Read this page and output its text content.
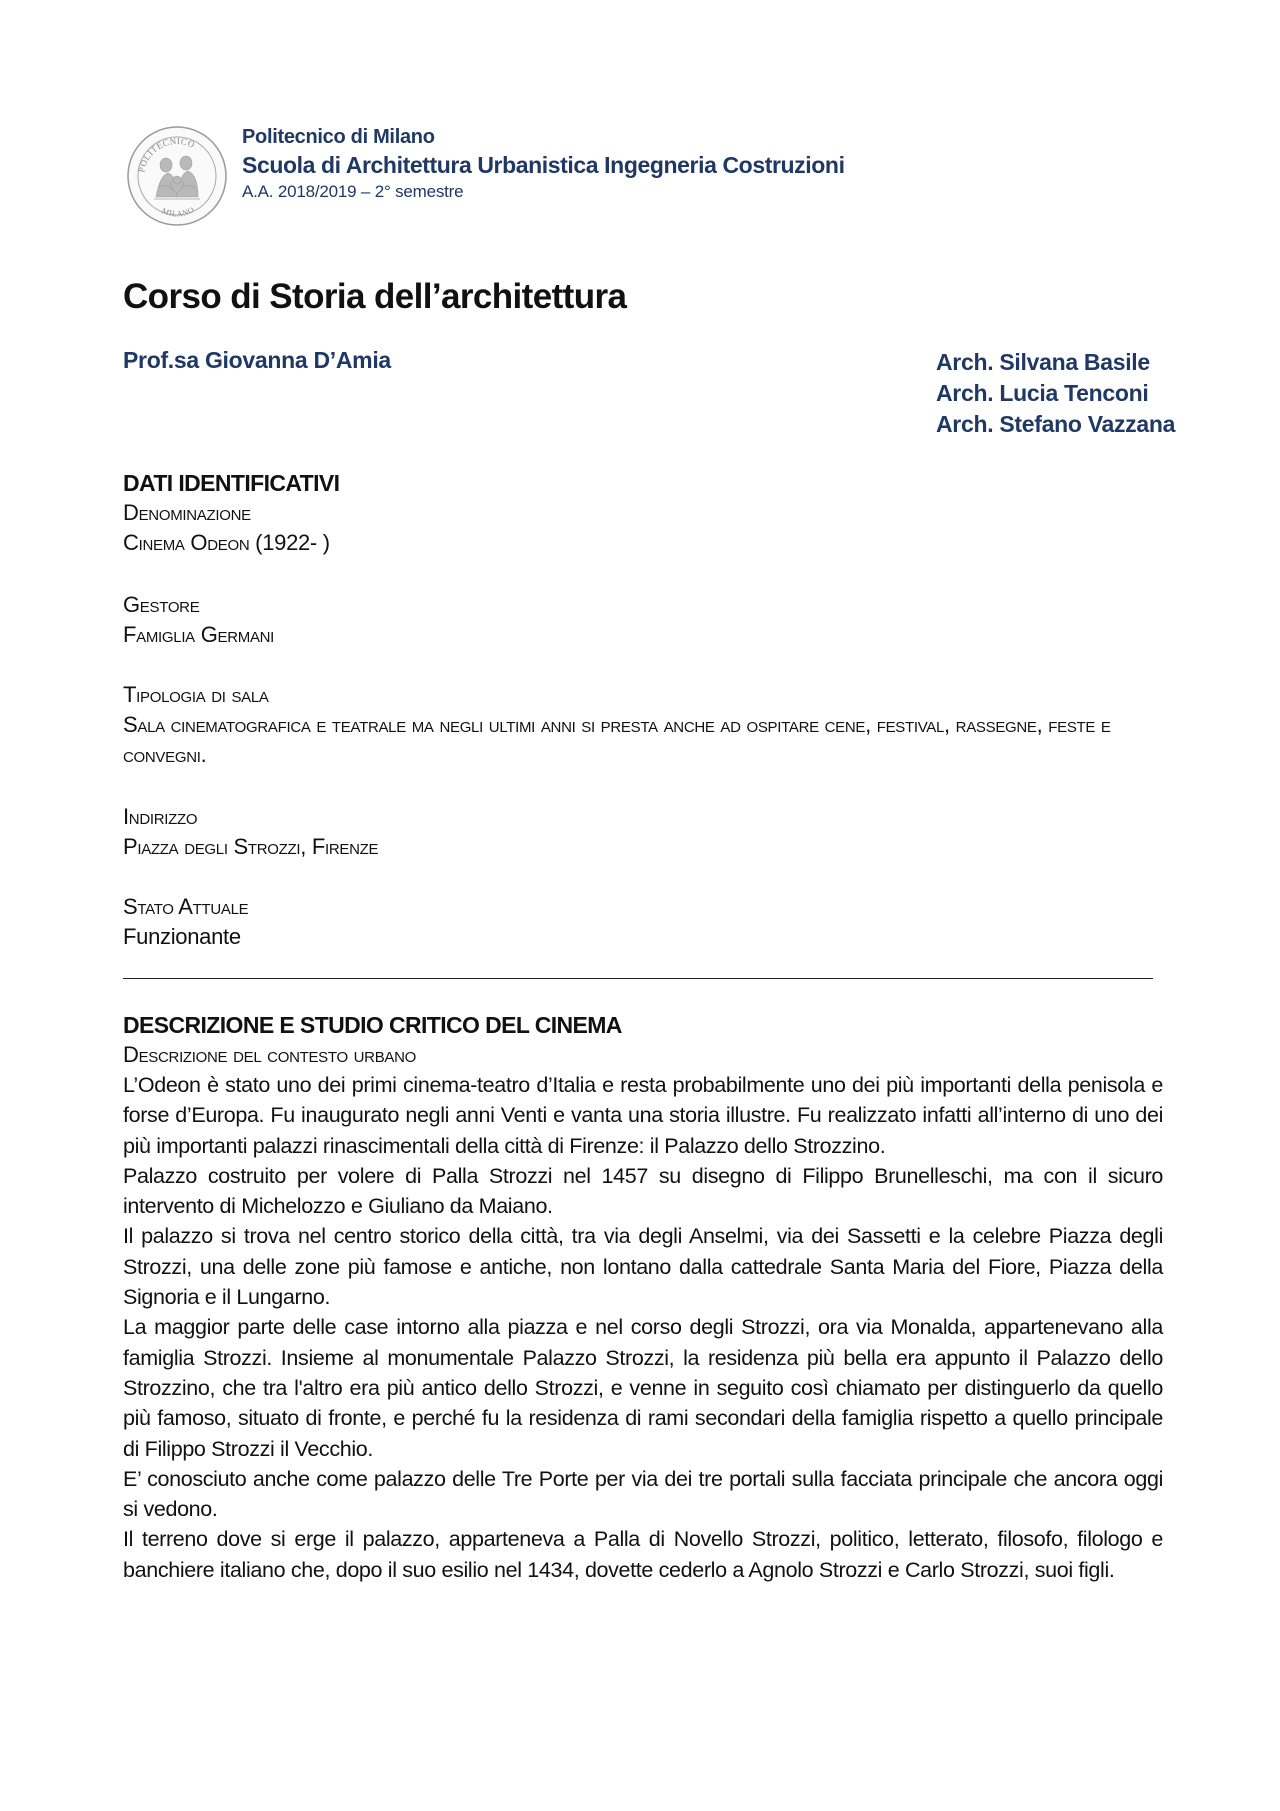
POLITECNICO
MILANO
Politecnico di Milano
Scuola di Architettura Urbanistica Ingegneria Costruzioni
A.A. 2018/2019 – 2° semestre
Corso di Storia dell’architettura
Prof.sa Giovanna D’Amia	Arch. Silvana Basile
Arch. Lucia Tenconi
Arch. Stefano Vazzana
DATI IDENTIFICATIVI
Denominazione
Cinema Odeon (1922- )
Gestore
Famiglia Germani
Tipologia di sala
Sala cinematografica e teatrale ma negli ultimi anni si presta anche ad ospitare cene, festival, rassegne, feste e convegni.
Indirizzo
Piazza degli Strozzi, Firenze
Stato Attuale
Funzionante
DESCRIZIONE E STUDIO CRITICO DEL CINEMA
Descrizione del contesto urbano

L’Odeon è stato uno dei primi cinema-teatro d’Italia e resta probabilmente uno dei più importanti della penisola e forse d’Europa. Fu inaugurato negli anni Venti e vanta una storia illustre. Fu realizzato infatti all’interno di uno dei più importanti palazzi rinascimentali della città di Firenze: il Palazzo dello Strozzino.

Palazzo costruito per volere di Palla Strozzi nel 1457 su disegno di Filippo Brunelleschi, ma con il sicuro intervento di Michelozzo e Giuliano da Maiano.

Il palazzo si trova nel centro storico della città, tra via degli Anselmi, via dei Sassetti e la celebre Piazza degli Strozzi, una delle zone più famose e antiche, non lontano dalla cattedrale Santa Maria del Fiore, Piazza della Signoria e il Lungarno.

La maggior parte delle case intorno alla piazza e nel corso degli Strozzi, ora via Monalda, appartenevano alla famiglia Strozzi. Insieme al monumentale Palazzo Strozzi, la residenza più bella era appunto il Palazzo dello Strozzino, che tra l'altro era più antico dello Strozzi, e venne in seguito così chiamato per distinguerlo da quello più famoso, situato di fronte, e perché fu la residenza di rami secondari della famiglia rispetto a quello principale di Filippo Strozzi il Vecchio.

E’ conosciuto anche come palazzo delle Tre Porte per via dei tre portali sulla facciata principale che ancora oggi si vedono.

Il terreno dove si erge il palazzo, apparteneva a Palla di Novello Strozzi, politico, letterato, filosofo, filologo e banchiere italiano che, dopo il suo esilio nel 1434, dovette cederlo a Agnolo Strozzi e Carlo Strozzi, suoi figli.
